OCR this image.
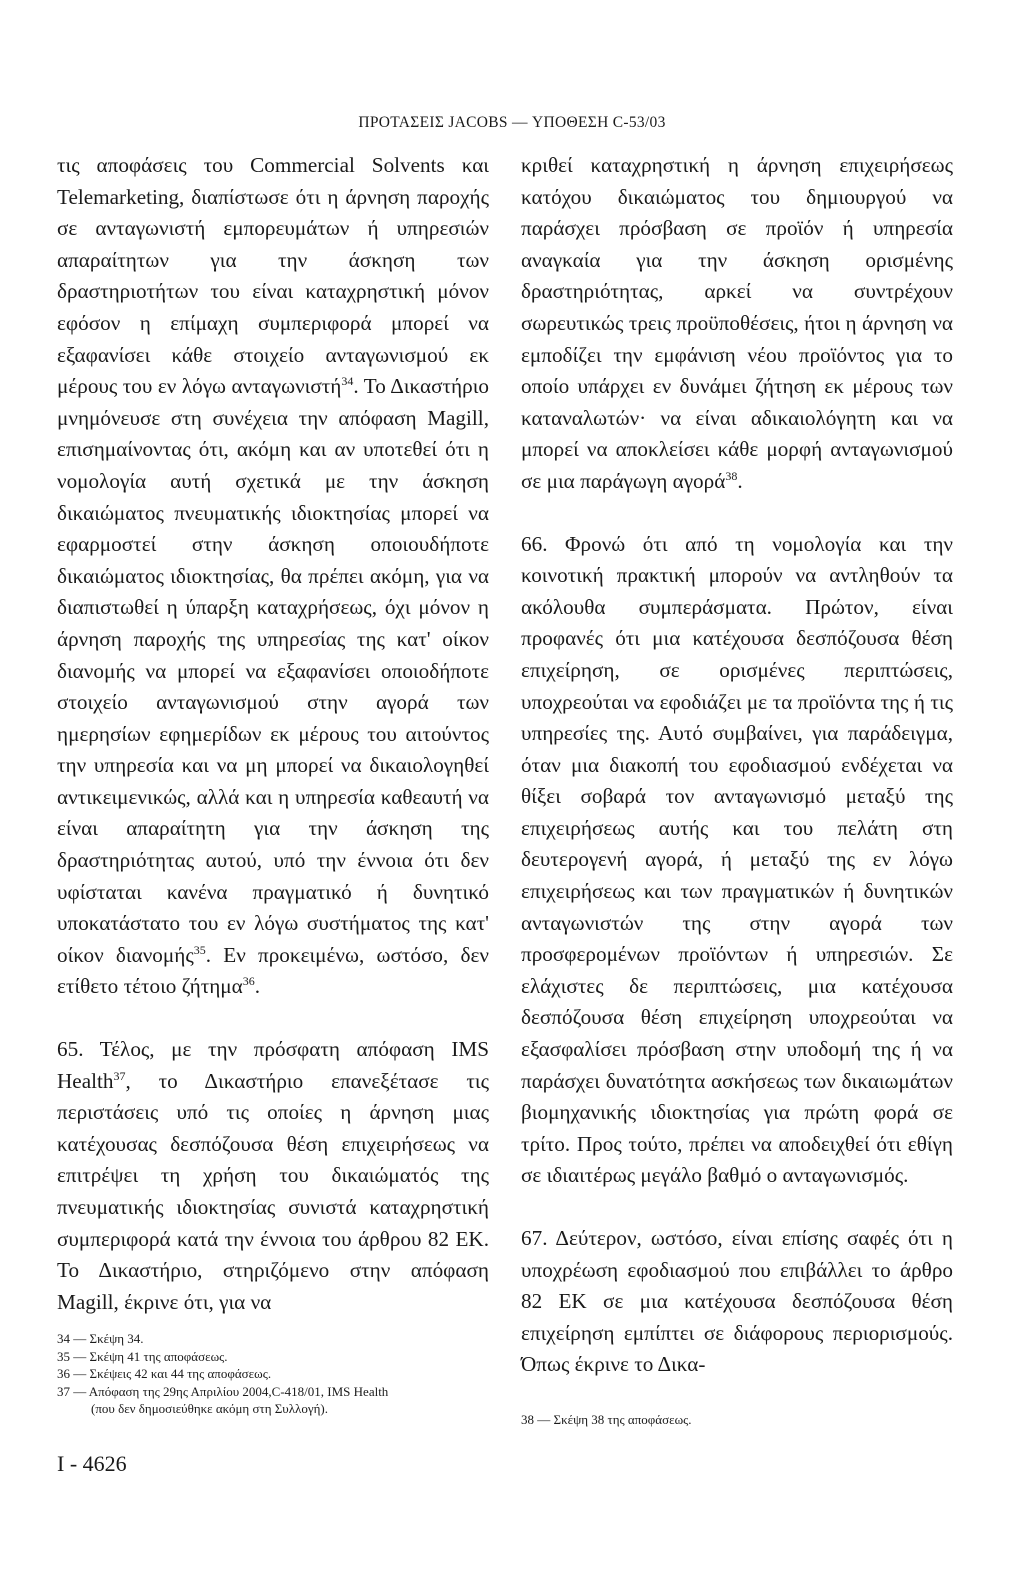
ΠΡΟΤΑΣΕΙΣ JACOBS — ΥΠΟΘΕΣΗ C-53/03

τις αποφάσεις του Commercial Solvents και Telemarketing, διαπίστωσε ότι η άρνηση παροχής σε ανταγωνιστή εμπορευμάτων ή υπηρεσιών απαραίτητων για την άσκηση των δραστηριοτήτων του είναι καταχρηστική μόνον εφόσον η επίμαχη συμπεριφορά μπορεί να εξαφανίσει κάθε στοιχείο ανταγωνισμού εκ μέρους του εν λόγω ανταγωνιστή$^{34}$. Το Δικαστήριο μνημόνευσε στη συνέχεια την απόφαση Magill, επισημαίνοντας ότι, ακόμη και αν υποτεθεί ότι η νομολογία αυτή σχετικά με την άσκηση δικαιώματος πνευματικής ιδιοκτησίας μπορεί να εφαρμοστεί στην άσκηση οποιουδήποτε δικαιώματος ιδιοκτησίας, θα πρέπει ακόμη, για να διαπιστωθεί η ύπαρξη καταχρήσεως, όχι μόνον η άρνηση παροχής της υπηρεσίας της κατ' οίκον διανομής να μπορεί να εξαφανίσει οποιοδήποτε στοιχείο ανταγωνισμού στην αγορά των ημερησίων εφημερίδων εκ μέρους του αιτούντος την υπηρεσία και να μη μπορεί να δικαιολογηθεί αντικειμενικώς, αλλά και η υπηρεσία καθεαυτή να είναι απαραίτητη για την άσκηση της δραστηριότητας αυτού, υπό την έννοια ότι δεν υφίσταται κανένα πραγματικό ή δυνητικό υποκατάστατο του εν λόγω συστήματος της κατ' οίκον διανομής$^{35}$. Εν προκειμένω, ωστόσο, δεν ετίθετο τέτοιο ζήτημα$^{36}$.

65. Τέλος, με την πρόσφατη απόφαση IMS Health$^{37}$, το Δικαστήριο επανεξέτασε τις περιστάσεις υπό τις οποίες η άρνηση μιας κατέχουσας δεσπόζουσα θέση επιχειρήσεως να επιτρέψει τη χρήση του δικαιώματός της πνευματικής ιδιοκτησίας συνιστά καταχρηστική συμπεριφορά κατά την έννοια του άρθρου 82 ΕΚ. Το Δικαστήριο, στηριζόμενο στην απόφαση Magill, έκρινε ότι, για να

κριθεί καταχρηστική η άρνηση επιχειρήσεως κατόχου δικαιώματος του δημιουργού να παράσχει πρόσβαση σε προϊόν ή υπηρεσία αναγκαία για την άσκηση ορισμένης δραστηριότητας, αρκεί να συντρέχουν σωρευτικώς τρεις προϋποθέσεις, ήτοι η άρνηση να εμποδίζει την εμφάνιση νέου προϊόντος για το οποίο υπάρχει εν δυνάμει ζήτηση εκ μέρους των καταναλωτών· να είναι αδικαιολόγητη και να μπορεί να αποκλείσει κάθε μορφή ανταγωνισμού σε μια παράγωγη αγορά$^{38}$.

66. Φρονώ ότι από τη νομολογία και την κοινοτική πρακτική μπορούν να αντληθούν τα ακόλουθα συμπεράσματα. Πρώτον, είναι προφανές ότι μια κατέχουσα δεσπόζουσα θέση επιχείρηση, σε ορισμένες περιπτώσεις, υποχρεούται να εφοδιάζει με τα προϊόντα της ή τις υπηρεσίες της. Αυτό συμβαίνει, για παράδειγμα, όταν μια διακοπή του εφοδιασμού ενδέχεται να θίξει σοβαρά τον ανταγωνισμό μεταξύ της επιχειρήσεως αυτής και του πελάτη στη δευτερογενή αγορά, ή μεταξύ της εν λόγω επιχειρήσεως και των πραγματικών ή δυνητικών ανταγωνιστών της στην αγορά των προσφερομένων προϊόντων ή υπηρεσιών. Σε ελάχιστες δε περιπτώσεις, μια κατέχουσα δεσπόζουσα θέση επιχείρηση υποχρεούται να εξασφαλίσει πρόσβαση στην υποδομή της ή να παράσχει δυνατότητα ασκήσεως των δικαιωμάτων βιομηχανικής ιδιοκτησίας για πρώτη φορά σε τρίτο. Προς τούτο, πρέπει να αποδειχθεί ότι εθίγη σε ιδιαιτέρως μεγάλο βαθμό ο ανταγωνισμός.

67. Δεύτερον, ωστόσο, είναι επίσης σαφές ότι η υποχρέωση εφοδιασμού που επιβάλλει το άρθρο 82 ΕΚ σε μια κατέχουσα δεσπόζουσα θέση επιχείρηση εμπίπτει σε διάφορους περιορισμούς. Όπως έκρινε το Δικα-

34 — Σκέψη 34.
35 — Σκέψη 41 της αποφάσεως.
36 — Σκέψεις 42 και 44 της αποφάσεως.
37 — Απόφαση της 29ης Απριλίου 2004,C-418/01, IMS Health
(που δεν δημοσιεύθηκε ακόμη στη Συλλογή).
38 — Σκέψη 38 της αποφάσεως.
I - 4626
